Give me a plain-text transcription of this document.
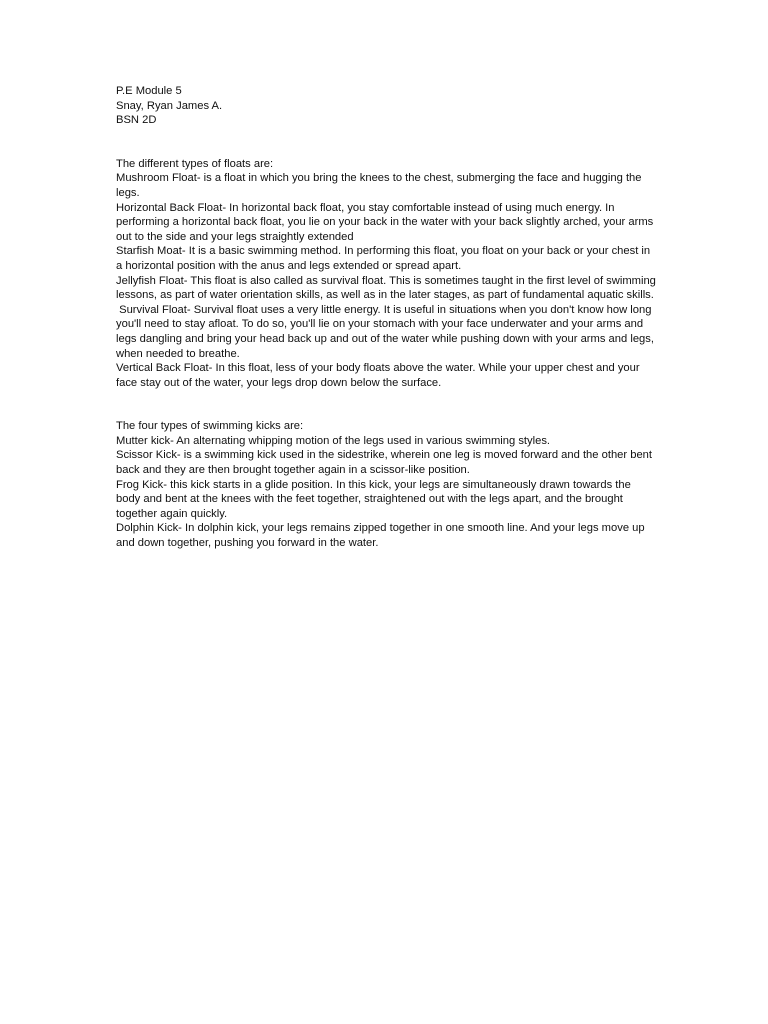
P.E Module 5
Snay, Ryan James A.
BSN 2D
The different types of floats are:
Mushroom Float- is a float in which you bring the knees to the chest, submerging the face and hugging the legs.
Horizontal Back Float- In horizontal back float, you stay comfortable instead of using much energy. In performing a horizontal back float, you lie on your back in the water with your back slightly arched, your arms out to the side and your legs straightly extended
Starfish Moat- It is a basic swimming method. In performing this float, you float on your back or your chest in a horizontal position with the anus and legs extended or spread apart.
Jellyfish Float- This float is also called as survival float. This is sometimes taught in the first level of swimming lessons, as part of water orientation skills, as well as in the later stages, as part of fundamental aquatic skills.
Survival Float- Survival float uses a very little energy. It is useful in situations when you don't know how long you'll need to stay afloat. To do so, you'll lie on your stomach with your face underwater and your arms and legs dangling and bring your head back up and out of the water while pushing down with your arms and legs, when needed to breathe.
Vertical Back Float- In this float, less of your body floats above the water. While your upper chest and your face stay out of the water, your legs drop down below the surface.
The four types of swimming kicks are:
Mutter kick- An alternating whipping motion of the legs used in various swimming styles.
Scissor Kick- is a swimming kick used in the sidestrike, wherein one leg is moved forward and the other bent back and they are then brought together again in a scissor-like position.
Frog Kick- this kick starts in a glide position. In this kick, your legs are simultaneously drawn towards the body and bent at the knees with the feet together, straightened out with the legs apart, and the brought together again quickly.
Dolphin Kick- In dolphin kick, your legs remains zipped together in one smooth line. And your legs move up and down together, pushing you forward in the water.
